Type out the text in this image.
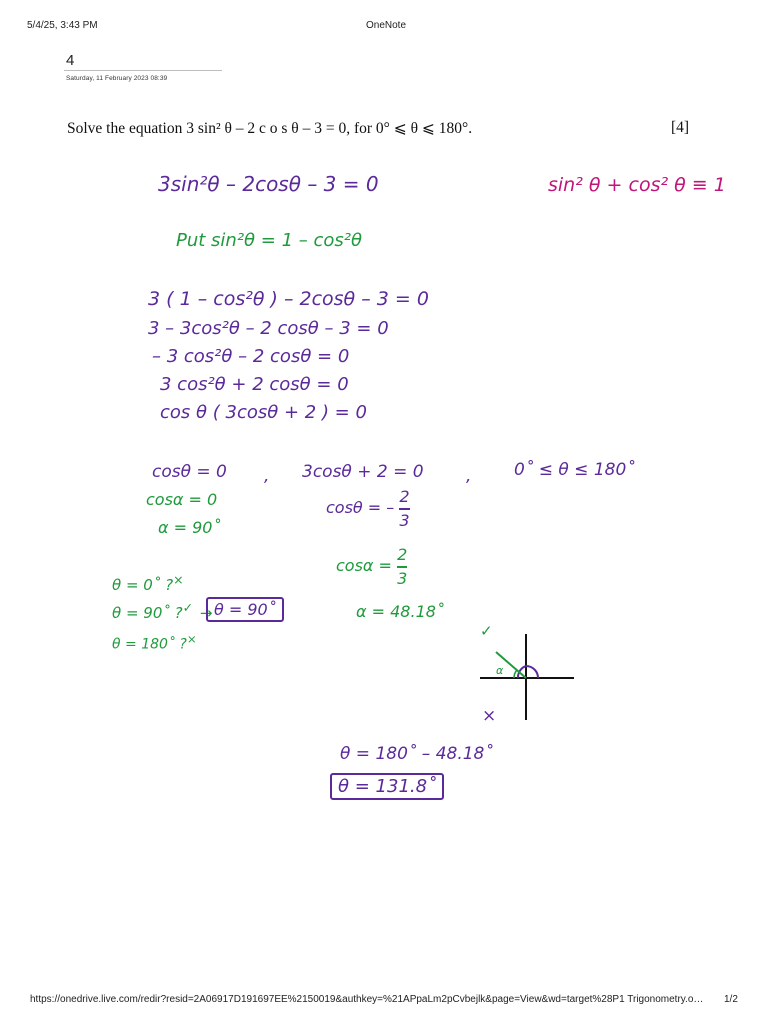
5/4/25, 3:43 PM	OneNote
4
Saturday, 11 February 2023 08:39
Solve the equation 3 sin² θ – 2 c o s θ – 3 = 0, for 0° ⩽ θ ⩽ 180°.	[4]
3sin²θ – 2cosθ – 3 = 0	sin² θ + cos² θ ≡ 1
Put sin²θ = 1 – cos²θ
3 ( 1 – cos²θ ) – 2cosθ – 3 = 0
3 – 3cos²θ – 2 cosθ – 3 = 0
– 3 cos²θ – 2 cosθ = 0
3 cos²θ + 2 cosθ = 0
cos θ ( 3cosθ + 2 ) = 0
cosθ = 0 , 3cosθ + 2 = 0 ,	0˚ ≤ θ ≤ 180˚
cosα = 0
α = 90˚
cosθ = – $\frac{2}{3}$
$\cos\alpha = \frac{2}{3}$
α = 48.18˚
θ = 0˚ ?×
θ = 90˚ ?✓ → θ = 90˚
θ = 180˚ ?×	✓
α
×
θ = 180˚ – 48.18˚
θ = 131.8˚
https://onedrive.live.com/redir?resid=2A06917D191697EE%2150019&authkey=%21APpaLm2pCvbejlk&page=View&wd=target%28P1 Trigonometry.o…	1/2
